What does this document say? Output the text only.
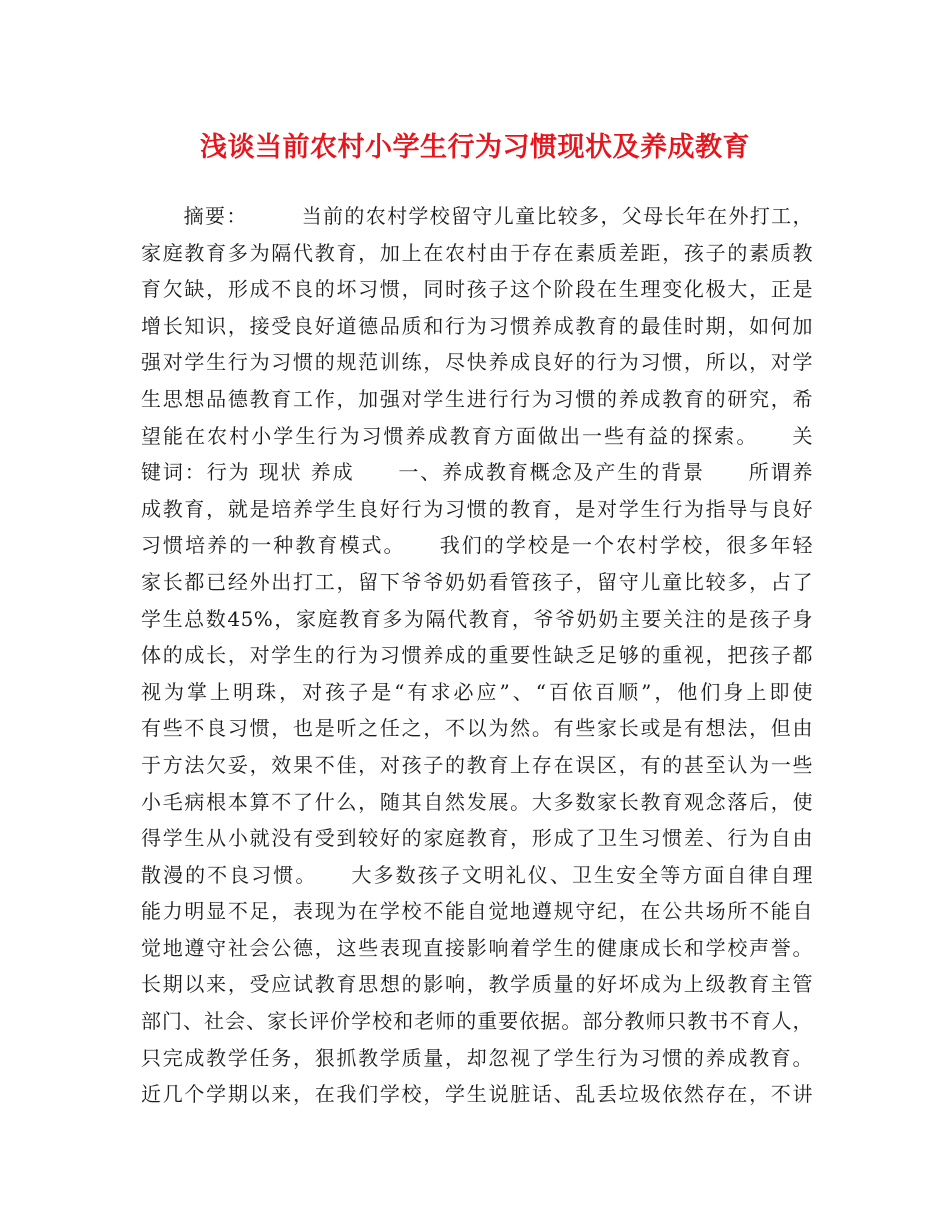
浅谈当前农村小学生行为习惯现状及养成教育
　　摘要：　　　当前的农村学校留守儿童比较多，父母长年在外打工，
家庭教育多为隔代教育，加上在农村由于存在素质差距，孩子的素质教
育欠缺，形成不良的坏习惯，同时孩子这个阶段在生理变化极大，正是
增长知识，接受良好道德品质和行为习惯养成教育的最佳时期，如何加
强对学生行为习惯的规范训练，尽快养成良好的行为习惯，所以，对学
生思想品德教育工作，加强对学生进行行为习惯的养成教育的研究，希
望能在农村小学生行为习惯养成教育方面做出一些有益的探索。　　关
键词：行为 现状 养成　　一、养成教育概念及产生的背景　　所谓养
成教育，就是培养学生良好行为习惯的教育，是对学生行为指导与良好
习惯培养的一种教育模式。　　我们的学校是一个农村学校，很多年轻
家长都已经外出打工，留下爷爷奶奶看管孩子，留守儿童比较多，占了
学生总数45%，家庭教育多为隔代教育，爷爷奶奶主要关注的是孩子身
体的成长，对学生的行为习惯养成的重要性缺乏足够的重视，把孩子都
视为掌上明珠，对孩子是“有求必应”、“百依百顺”，他们身上即使
有些不良习惯，也是听之任之，不以为然。有些家长或是有想法，但由
于方法欠妥，效果不佳，对孩子的教育上存在误区，有的甚至认为一些
小毛病根本算不了什么，随其自然发展。大多数家长教育观念落后，使
得学生从小就没有受到较好的家庭教育，形成了卫生习惯差、行为自由
散漫的不良习惯。　　大多数孩子文明礼仪、卫生安全等方面自律自理
能力明显不足，表现为在学校不能自觉地遵规守纪，在公共场所不能自
觉地遵守社会公德，这些表现直接影响着学生的健康成长和学校声誉。
长期以来，受应试教育思想的影响，教学质量的好坏成为上级教育主管
部门、社会、家长评价学校和老师的重要依据。部分教师只教书不育人，
只完成教学任务，狠抓教学质量，却忽视了学生行为习惯的养成教育。
近几个学期以来，在我们学校，学生说脏话、乱丢垃圾依然存在，不讲
